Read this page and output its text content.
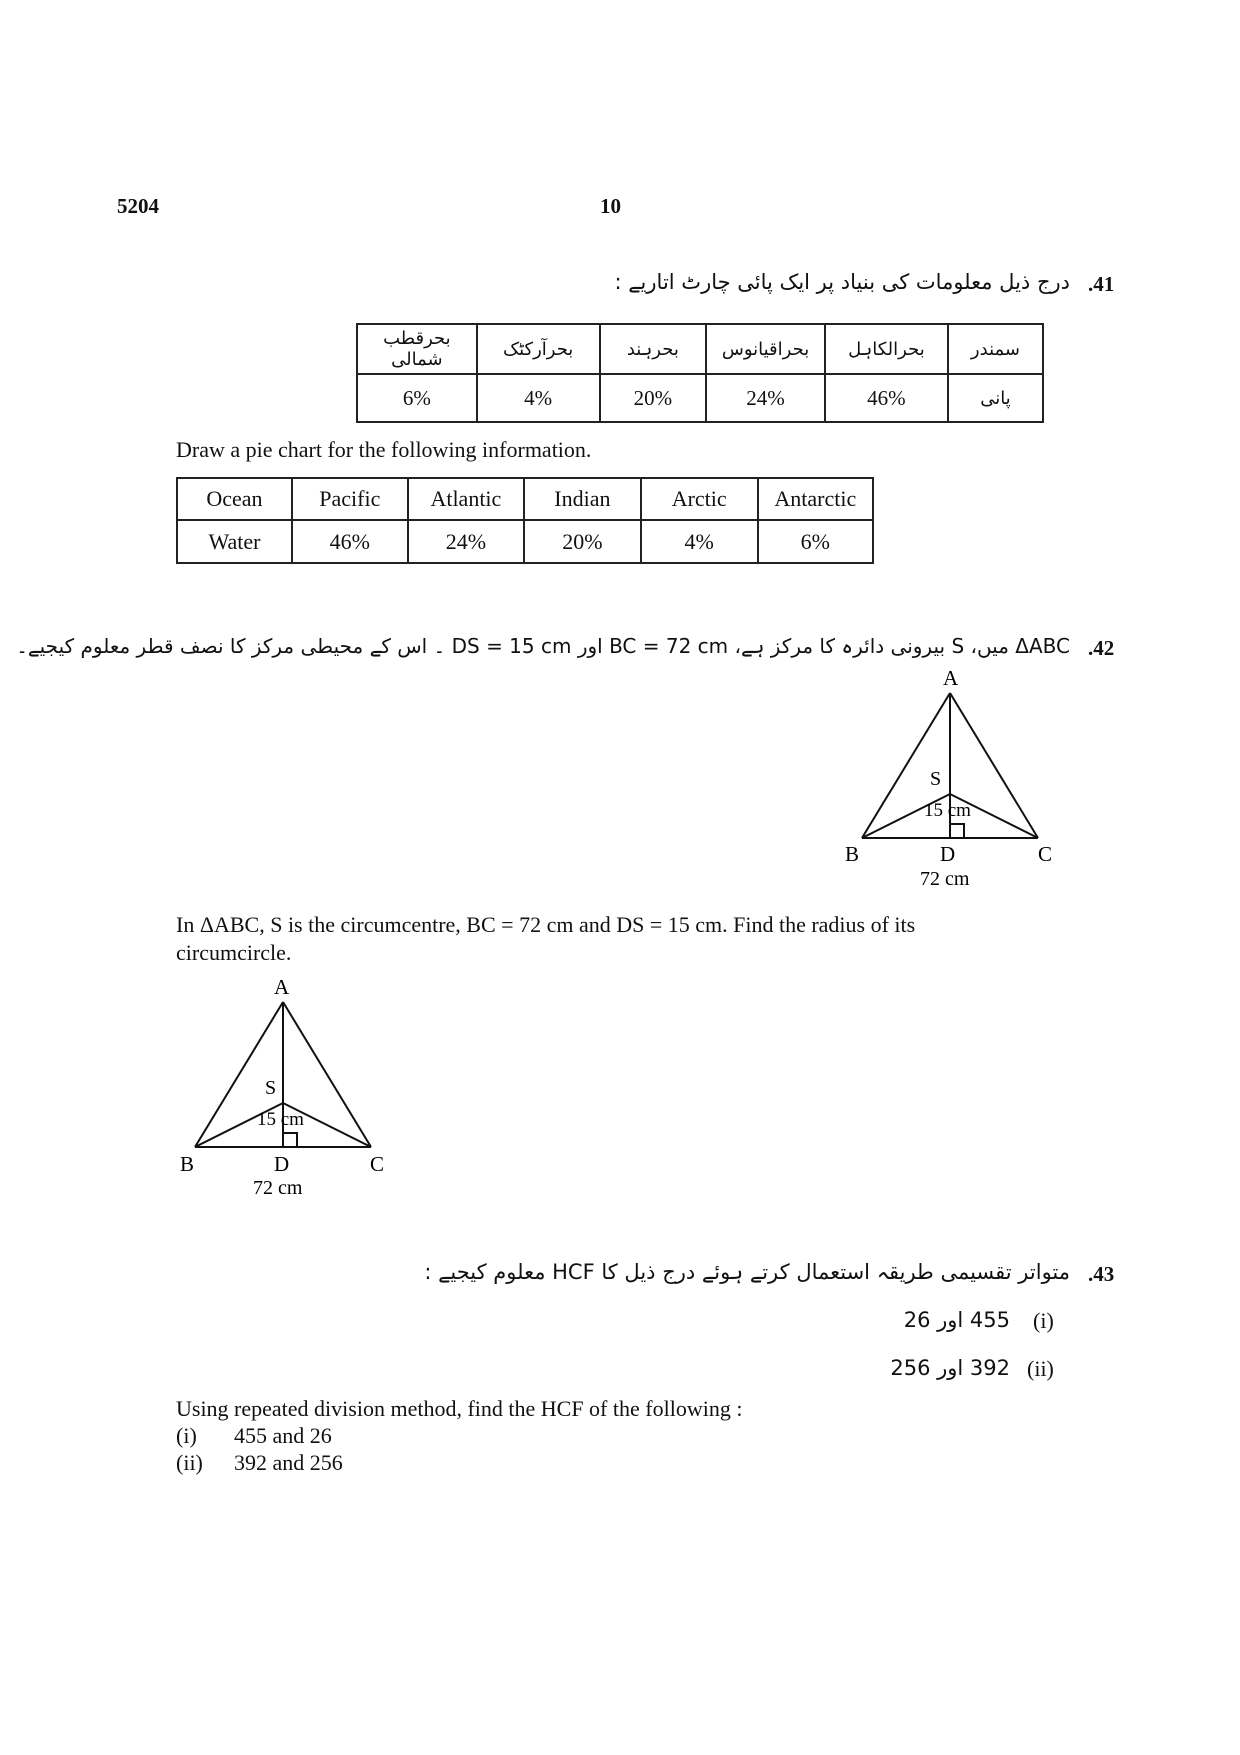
5204	10
.41
درج ذیل معلومات کی بنیاد پر ایک پائی چارٹ اتاریے :
بحرقطب شمالی	بحرآرکٹک	بحرہند	بحراقیانوس	بحرالکاہل	سمندر
6%	4%	20%	24%	46%	پانی
Draw a pie chart for the following information.
Ocean	Pacific	Atlantic	Indian	Arctic	Antarctic
Water	46%	24%	20%	4%	6%
.42
ΔABC میں، S بیرونی دائرہ کا مرکز ہے، BC = 72 cm اور DS = 15 cm ۔ اس کے محیطی مرکز کا نصف قطر معلوم کیجیے۔
A
B	C
D
S
15 cm
72 cm
In ΔABC, S is the circumcentre, BC = 72 cm and DS = 15 cm. Find the radius of its
circumcircle.
A
B	C
D
S
15 cm
72 cm
.43
متواتر تقسیمی طریقہ استعمال کرتے ہوئے درج ذیل کا HCF معلوم کیجیے :
455 اور 26 (i)
392 اور 256 (ii)
Using repeated division method, find the HCF of the following :
(i) 455 and 26
(ii) 392 and 256
